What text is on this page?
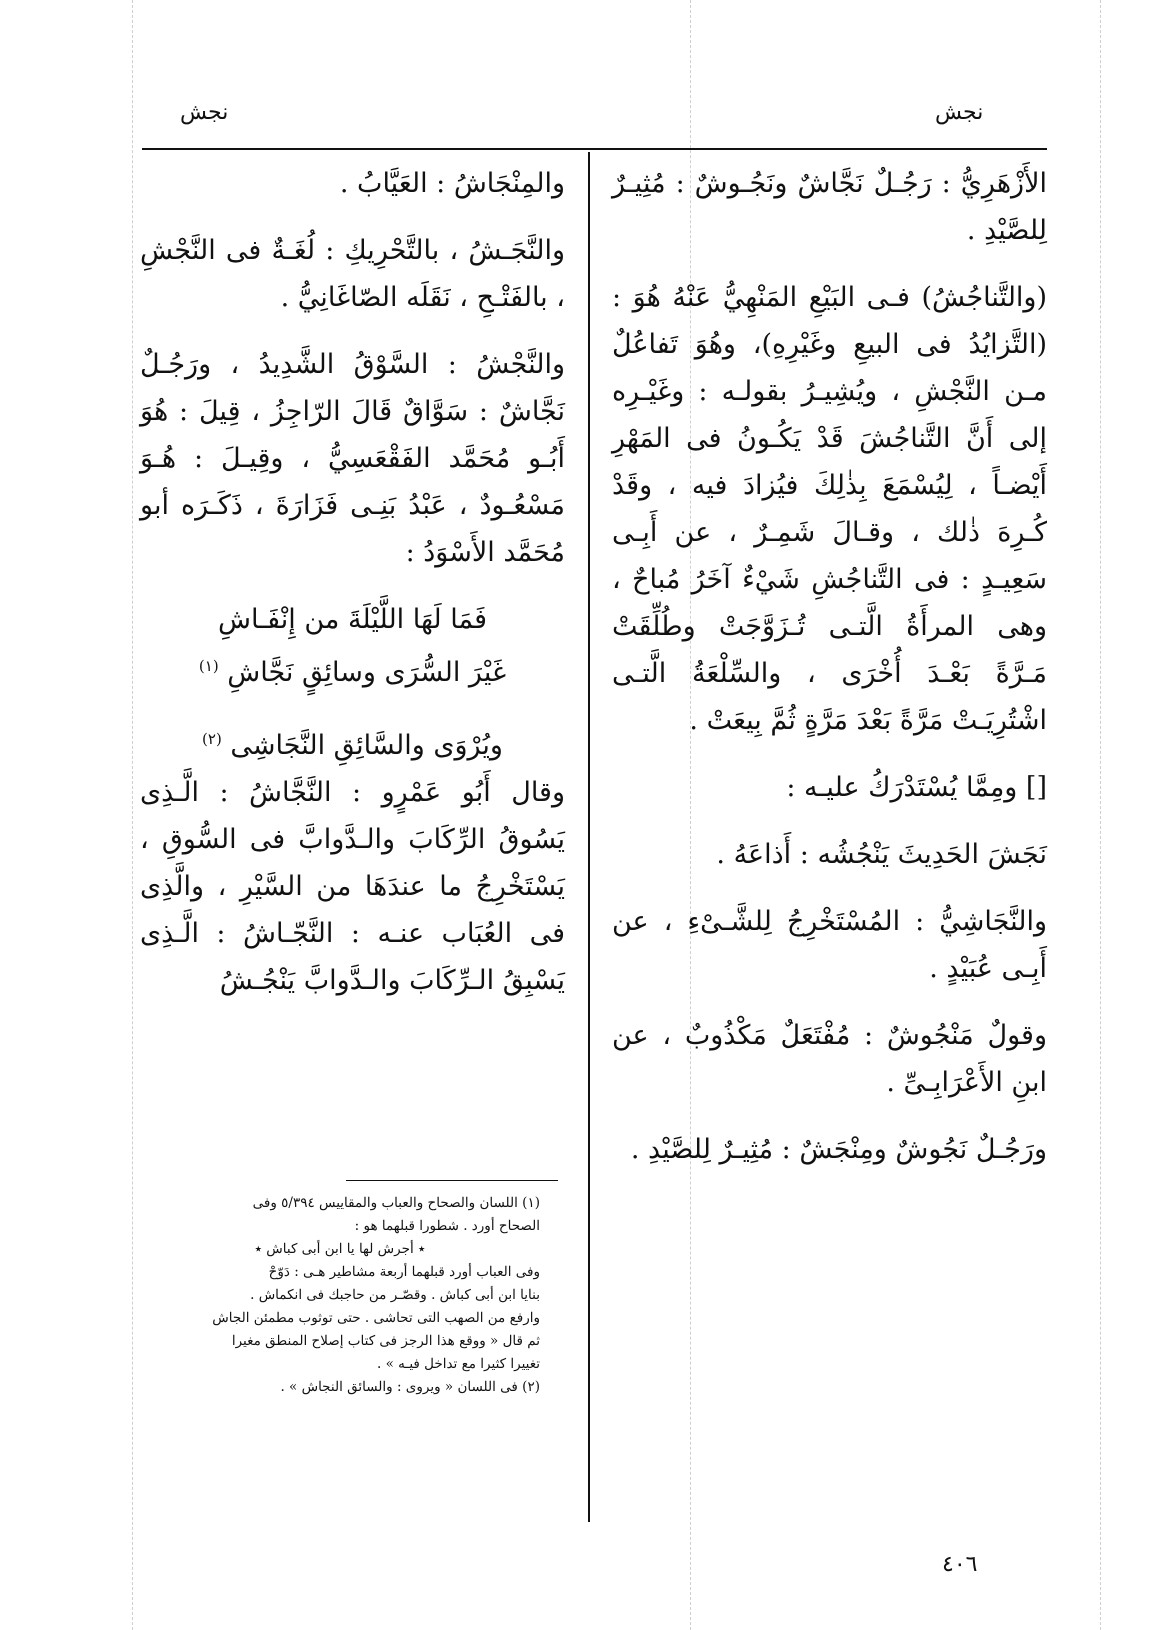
نجش
نجش

الأَزْهَرِيُّ : رَجُـلٌ نَجَّاشٌ ونَجُـوشٌ : مُثِيـرٌ لِلصَّيْدِ .

(والتَّناجُشُ) فـى البَيْعِ المَنْهِيُّ عَنْهُ هُوَ : (التَّزايُدُ فى البيعِ وغَيْرِهِ)، وهُوَ تَفاعُلٌ مـن النَّجْشِ ، ويُشِيـرُ بقولـه : وغَيْـرِه إلى أَنَّ التَّناجُشَ قَدْ يَكُـونُ فى المَهْرِ أَيْضـاً ، لِيُسْمَعَ بِذٰلِكَ فيُزادَ فيه ، وقَدْ كُـرِهَ ذٰلك ، وقـالَ شَمِـرٌ ، عن أَبِـى سَعِيـدٍ : فى التَّناجُشِ شَيْءٌ آخَرُ مُباحٌ ، وهى المرأَةُ الَّتـى تُـزَوَّجَتْ وطُلِّقَتْ مَـرَّةً بَعْـدَ أُخْرَى ، والسِّلْعَةُ الَّتـى اشْتُرِيَـتْ مَرَّةً بَعْدَ مَرَّةٍ ثُمَّ بِيعَتْ .

[] ومِمَّا يُسْتَدْرَكُ عليـه :

نَجَشَ الحَدِيثَ يَنْجُشُه : أَذاعَهُ .

والنَّجَاشِيُّ : المُسْتَخْرِجُ لِلشَّـىْءِ ، عن أَبِـى عُبَيْدٍ .

وقولٌ مَنْجُوشٌ : مُفْتَعَلٌ مَكْذُوبٌ ، عن ابنِ الأَعْرَابِـىِّ .

ورَجُـلٌ نَجُوشٌ ومِنْجَشٌ : مُثِيـرٌ لِلصَّيْدِ .

والمِنْجَاشُ : العَيَّابُ .

والنَّجَـشُ ، بالتَّحْرِيكِ : لُغَـةٌ فى النَّجْشِ ، بالفَتْـحِ ، نَقَلَه الصّاغَانِيُّ .

والنَّجْشُ : السَّوْقُ الشَّدِيدُ ، ورَجُـلٌ نَجَّاشٌ : سَوَّاقٌ قَالَ الرّاجِزُ ، قِيلَ : هُوَ أَبُـو مُحَمَّد الفَقْعَسِيُّ ، وقِيـلَ : هُـوَ مَسْعُـودٌ ، عَبْدُ بَنِـى فَزَارَةَ ، ذَكَـرَه أبو مُحَمَّد الأَسْوَدُ :

فَمَا لَهَا اللَّيْلَةَ من إِنْفَـاشِ

غَيْرَ السُّرَى وسائِقٍ نَجَّاشِ $^{(١)}$

ويُرْوَى والسَّائِقِ النَّجَاشِى $^{(٢)}$

وقال أَبُو عَمْرٍو : النَّجَّاشُ : الَّـذِى يَسُوقُ الرِّكَابَ والـدَّوابَّ فى السُّوقِ ، يَسْتَخْرِجُ ما عندَهَا من السَّيْرِ ، والَّذِى فى العُبَاب عنـه : النَّجّـاشُ : الَّـذِى يَسْبِقُ الـرِّكَابَ والـدَّوابَّ يَنْجُـشُ

(١) اللسان والصحاح والعباب والمقاييس ٥/٣٩٤ وفى
الصحاح أورد . شطورا قبلهما هو :
٭ أجرش لها يا ابن أبى كباش ٭
وفى العباب أورد قبلهما أربعة مشاطير هـى : دَوّحْ
بنايا ابن أبى كباش . وقصّـر من حاجبك فى انكماش .
وارفع من الصهب التى تحاشى . حتى توثوب مطمئن الجاش
ثم قال « ووقع هذا الرجز فى كتاب إصلاح المنطق مغيرا
تغييرا كثيرا مع تداخل فيـه » .
(٢) فى اللسان « ويروى : والسائق النجاش » .
٤٠٦
